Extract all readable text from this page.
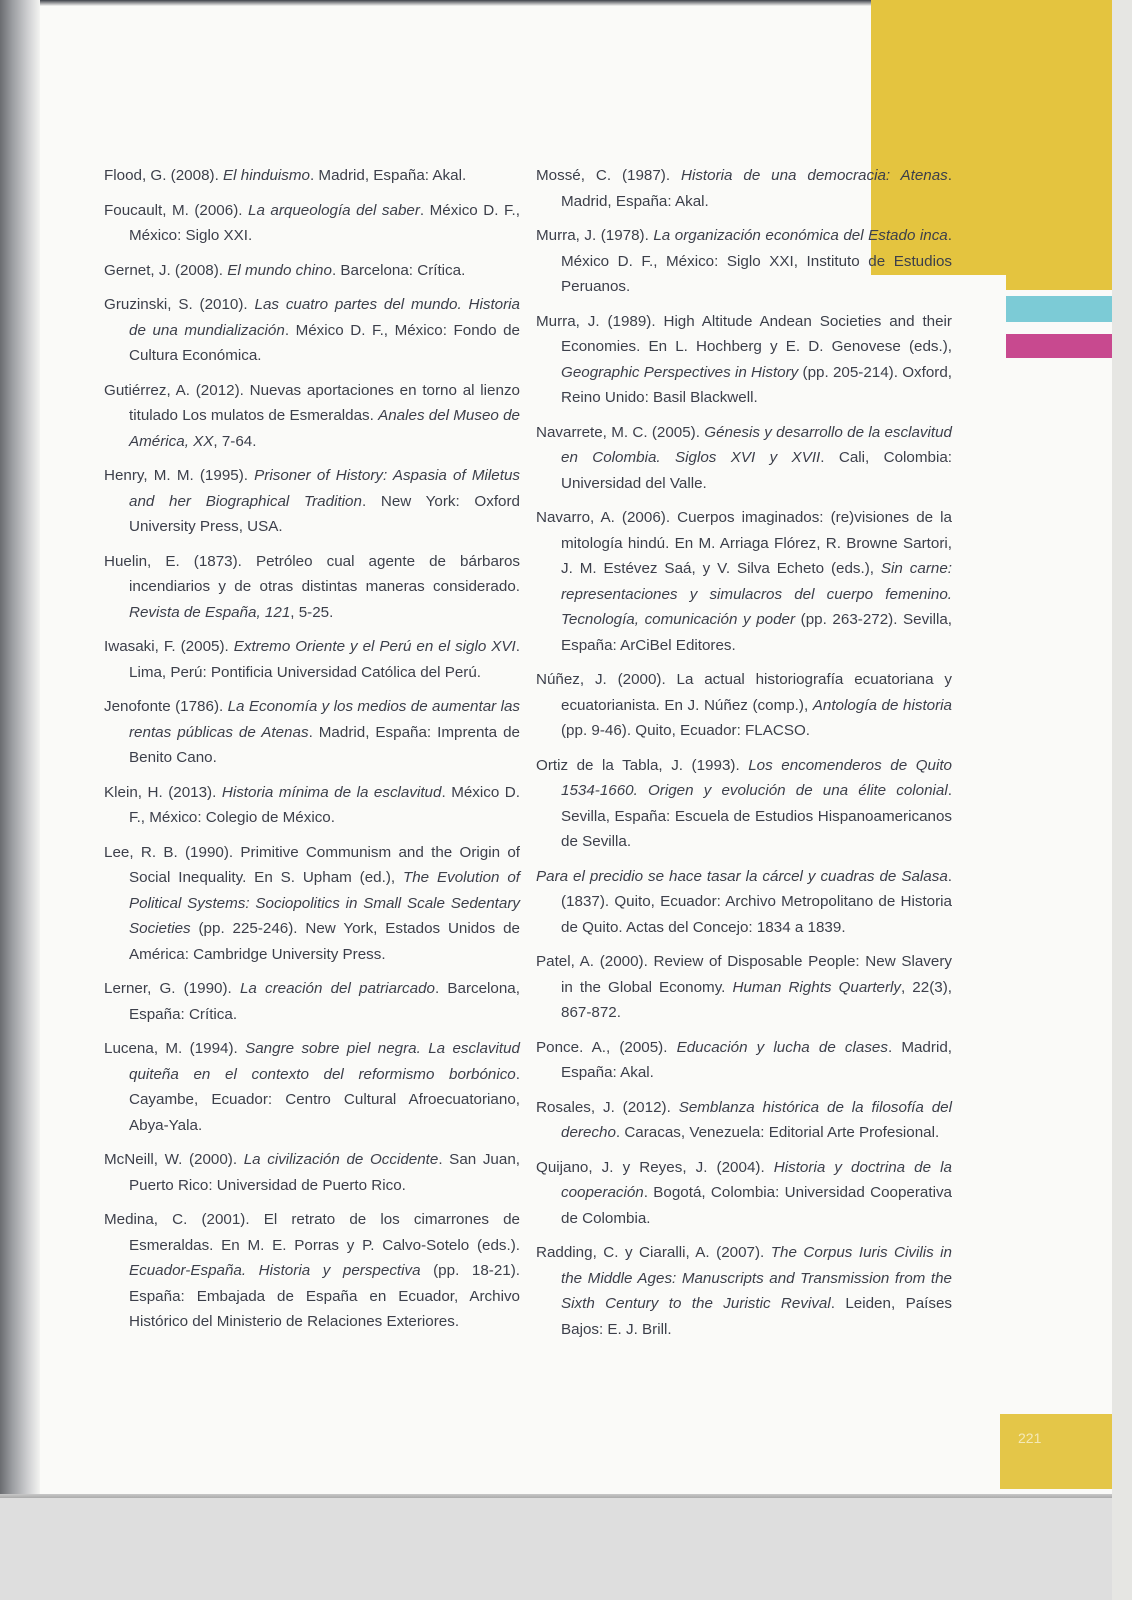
221

Flood, G. (2008). El hinduismo. Madrid, España: Akal.

Foucault, M. (2006). La arqueología del saber. México D. F., México: Siglo XXI.

Gernet, J. (2008). El mundo chino. Barcelona: Crítica.

Gruzinski, S. (2010). Las cuatro partes del mundo. Historia de una mundialización. México D. F., México: Fondo de Cultura Económica.

Gutiérrez, A. (2012). Nuevas aportaciones en torno al lienzo titulado Los mulatos de Esmeraldas. Anales del Museo de América, XX, 7-64.

Henry, M. M. (1995). Prisoner of History: Aspasia of Miletus and her Biographical Tradition. New York: Oxford University Press, USA.

Huelin, E. (1873). Petróleo cual agente de bárbaros incendiarios y de otras distintas maneras considerado. Revista de España, 121, 5-25.

Iwasaki, F. (2005). Extremo Oriente y el Perú en el siglo XVI. Lima, Perú: Pontificia Universidad Católica del Perú.

Jenofonte (1786). La Economía y los medios de aumentar las rentas públicas de Atenas. Madrid, España: Imprenta de Benito Cano.

Klein, H. (2013). Historia mínima de la esclavitud. México D. F., México: Colegio de México.

Lee, R. B. (1990). Primitive Communism and the Origin of Social Inequality. En S. Upham (ed.), The Evolution of Political Systems: Sociopolitics in Small Scale Sedentary Societies (pp. 225-246). New York, Estados Unidos de América: Cambridge University Press.

Lerner, G. (1990). La creación del patriarcado. Barcelona, España: Crítica.

Lucena, M. (1994). Sangre sobre piel negra. La esclavitud quiteña en el contexto del reformismo borbónico. Cayambe, Ecuador: Centro Cultural Afroecuatoriano, Abya-Yala.

McNeill, W. (2000). La civilización de Occidente. San Juan, Puerto Rico: Universidad de Puerto Rico.

Medina, C. (2001). El retrato de los cimarrones de Esmeraldas. En M. E. Porras y P. Calvo-Sotelo (eds.). Ecuador-España. Historia y perspectiva (pp. 18-21). España: Embajada de España en Ecuador, Archivo Histórico del Ministerio de Relaciones Exteriores.

Mossé, C. (1987). Historia de una democracia: Atenas. Madrid, España: Akal.

Murra, J. (1978). La organización económica del Estado inca. México D. F., México: Siglo XXI, Instituto de Estudios Peruanos.

Murra, J. (1989). High Altitude Andean Societies and their Economies. En L. Hochberg y E. D. Genovese (eds.), Geographic Perspectives in History (pp. 205-214). Oxford, Reino Unido: Basil Blackwell.

Navarrete, M. C. (2005). Génesis y desarrollo de la esclavitud en Colombia. Siglos XVI y XVII. Cali, Colombia: Universidad del Valle.

Navarro, A. (2006). Cuerpos imaginados: (re)visiones de la mitología hindú. En M. Arriaga Flórez, R. Browne Sartori, J. M. Estévez Saá, y V. Silva Echeto (eds.), Sin carne: representaciones y simulacros del cuerpo femenino. Tecnología, comunicación y poder (pp. 263-272). Sevilla, España: ArCiBel Editores.

Núñez, J. (2000). La actual historiografía ecuatoriana y ecuatorianista. En J. Núñez (comp.), Antología de historia (pp. 9-46). Quito, Ecuador: FLACSO.

Ortiz de la Tabla, J. (1993). Los encomenderos de Quito 1534-1660. Origen y evolución de una élite colonial. Sevilla, España: Escuela de Estudios Hispanoamericanos de Sevilla.

Para el precidio se hace tasar la cárcel y cuadras de Salasa. (1837). Quito, Ecuador: Archivo Metropolitano de Historia de Quito. Actas del Concejo: 1834 a 1839.

Patel, A. (2000). Review of Disposable People: New Slavery in the Global Economy. Human Rights Quarterly, 22(3), 867-872.

Ponce. A., (2005). Educación y lucha de clases. Madrid, España: Akal.

Rosales, J. (2012). Semblanza histórica de la filosofía del derecho. Caracas, Venezuela: Editorial Arte Profesional.

Quijano, J. y Reyes, J. (2004). Historia y doctrina de la cooperación. Bogotá, Colombia: Universidad Cooperativa de Colombia.

Radding, C. y Ciaralli, A. (2007). The Corpus Iuris Civilis in the Middle Ages: Manuscripts and Transmission from the Sixth Century to the Juristic Revival. Leiden, Países Bajos: E. J. Brill.
